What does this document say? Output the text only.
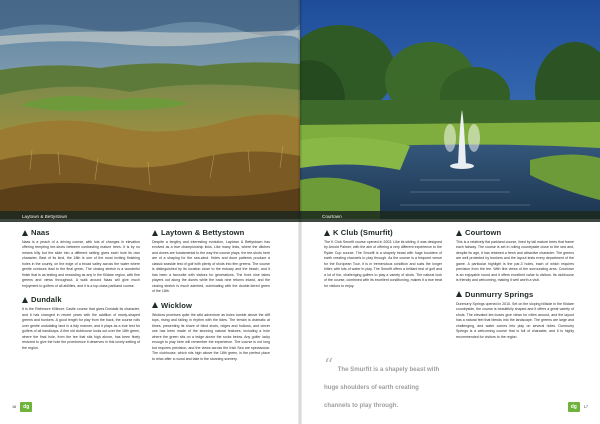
Laytown & Bettystown
Naas

Naas is a peach of a driving course, with lots of changes in elevation offering tempting tee-shots between contrasting mature trees. It is by no means hilly but the slide into a different setting gives each hole its own character. Best of its kind, the 18th is one of the most inviting finishing holes in the county, on the edge of a broad valley across the water where gentle contours lead to the final green. The closing stretch is a wonderful finish that is as testing and rewarding as any in the Kildare region, with fine greens and views throughout. A walk around Naas will give much enjoyment to golfers of all abilities, and it is a top-class parkland course.

Dundalk

It is the Rathmore Killinure Castle course that gives Dundalk its character, and it has changed in recent years with the addition of newly-shaped greens and bunkers. A good length for play from the back, the course rolls over gentle undulating land in a tidy manner, and it plays as a true test for golfers of all handicaps. A fine old clubhouse looks out over the 18th green, where the final hole, from the tee that sits high above, has been finely restored to give the hole the prominence it deserves in this lovely setting of the region.

Laytown & Bettystown

Despite a lengthy and interesting evolution, Laytown & Bettystown has evolved as a true championship links. Like many links, where the ditches and dunes are fundamental to the way the course plays, the tee-shots here are of a shaping for the sea-wind. Holes and dune patterns produce a classic seaside test of golf with plenty of shots into firm greens. The course is distinguished by its location close to the estuary and the beach, and it has been a favourite with visitors for generations. The front nine takes players out along the dunes while the back nine returns inland, and the closing stretch is much admired, culminating with the double-tiered green of the 18th.

Wicklow

Wicklow promises quite the wild adventure as holes tumble above the cliff tops, rising and falling in rhythm with the tides. The terrain is dramatic at times, presenting its share of blind shots, ridges and hollows, and clever use has been made of the stunning natural features, including a hole where the green sits on a ledge above the rocks below. Any golfer lucky enough to play here will remember the experience. The course is not long but requires precision, and the views across the Irish Sea are spectacular. The clubhouse, which sits high above the 18th green, is the perfect place to relax after a round and take in the stunning scenery.

16	dg
Courtown
K Club (Smurfit)

The K Club Smurfit course opened in 2003. Like its sibling, it was designed by Arnold Palmer, with the aim of offering a very different experience to the Ryder Cup course. The Smurfit is a shapely beast with huge boulders of earth creating channels to play through. As the course is a frequent venue for the European Tour, it is in tremendous condition and suits the longer hitter, with lots of water in play. The Smurfit offers a brilliant test of golf and a lot of fun, challenging golfers to play a variety of shots. The natural look of the course, combined with its excellent conditioning, makes it a true treat for visitors to enjoy.

“ The Smurfit is a shapely beast with huge shoulders of earth creating channels to play through.

Courtown

This is a relatively flat parkland course, lined by tall mature trees that frame each fairway. The course is set in rolling countryside close to the sea and, despite its age, it has retained a fresh and attractive character. The greens are well protected by bunkers and the layout tests every department of the game. A particular highlight is the par-3 holes, each of which requires precision from the tee. With fine views of the surrounding area, Courtown is an enjoyable round and it offers excellent value to visitors. Its clubhouse is friendly and welcoming, making it well worth a visit.

Dunmurry Springs

Dunmurry Springs opened in 2010. Set on the sloping hillside in the Kildare countryside, the course is beautifully shaped and it offers a great variety of shots. The elevated tee-boxes give views for miles around, and the layout has a natural feel that blends into the landscape. The greens are large and challenging, and water comes into play on several holes. Dunmurry Springs is a welcoming course that is full of character, and it is highly recommended for visitors to the region.

dg	17
